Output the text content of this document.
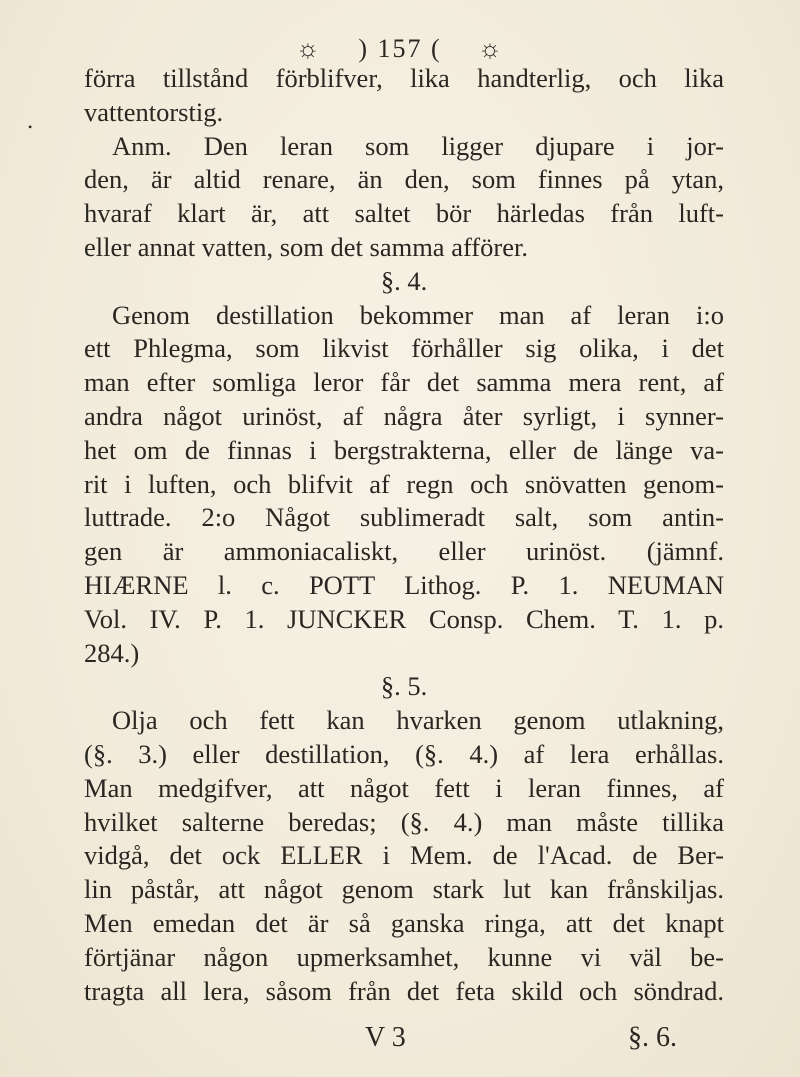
☼ ) 157 ( ☼
•
förra tillstånd förblifver, lika handterlig, och lika
vattentorstig.
Anm. Den leran som ligger djupare i jor-
den, är altid renare, än den, som finnes på ytan,
hvaraf klart är, att saltet bör härledas från luft-
eller annat vatten, som det samma afförer.
§. 4.
Genom destillation bekommer man af leran i:o
ett Phlegma, som likvist förhåller sig olika, i det
man efter somliga leror får det samma mera rent, af
andra något urinöst, af några åter syrligt, i synner-
het om de finnas i bergstrakterna, eller de länge va-
rit i luften, och blifvit af regn och snövatten genom-
luttrade. 2:o Något sublimeradt salt, som antin-
gen är ammoniacaliskt, eller urinöst. (jämnf.
HIÆRNE l. c. POTT Lithog. P. 1. NEUMAN
Vol. IV. P. 1. JUNCKER Consp. Chem. T. 1. p.
284.)
§. 5.
Olja och fett kan hvarken genom utlakning,
(§. 3.) eller destillation, (§. 4.) af lera erhållas.
Man medgifver, att något fett i leran finnes, af
hvilket salterne beredas; (§. 4.) man måste tillika
vidgå, det ock ELLER i Mem. de l'Acad. de Ber-
lin påstår, att något genom stark lut kan frånskiljas.
Men emedan det är så ganska ringa, att det knapt
förtjänar någon upmerksamhet, kunne vi väl be-
tragta all lera, såsom från det feta skild och söndrad.
V 3	§. 6.
